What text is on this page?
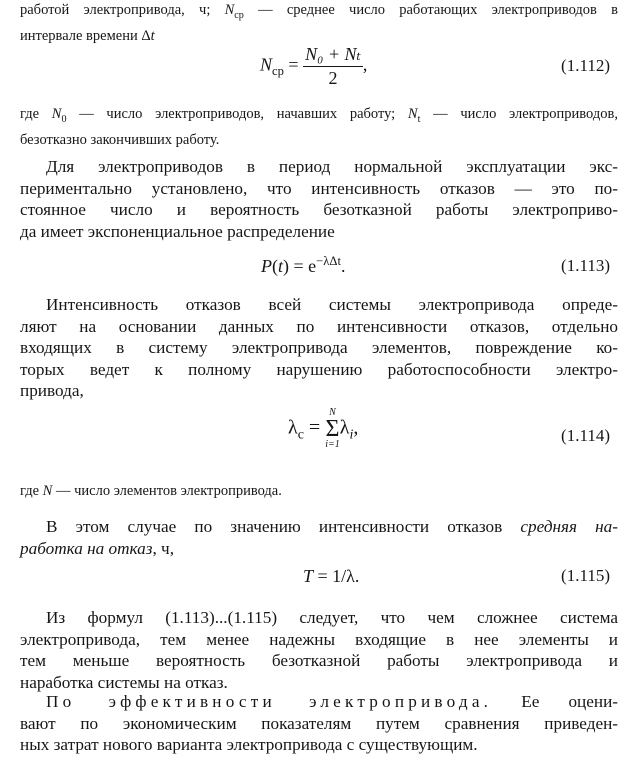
работой электропривода, ч; $N_{ср}$ — среднее число работающих электроприводов в
интервале времени Δt
$N_{ср} = \frac{\text{N₀ + Nₜ}}{2}$ ,	(1.112)
где $N_0$ — число электроприводов, начавших работу; $N_t$ — число электроприводов,
безотказно закончивших работу.
Для электроприводов в период нормальной эксплуатации экс-
периментально установлено, что интенсивность отказов — это по-
стоянное число и вероятность безотказной работы электроприво-
да имеет экспоненциальное распределение
$P(t) = e^{-\lambda\Delta t}$.	(1.113)
Интенсивность отказов всей системы электропривода опреде-
ляют на основании данных по интенсивности отказов, отдельно
входящих в систему электропривода элементов, повреждение ко-
торых ведет к полному нарушению работоспособности электро-
привода,
$\lambda_c$ =
N
Σ
i=1
$\lambda_i$,	(1.114)
где N — число элементов электропривода.
В этом случае по значению интенсивности отказов средняя на-
работка на отказ, ч,
T = 1/λ.	(1.115)
Из формул (1.113)...(1.115) следует, что чем сложнее система
электропривода, тем менее надежны входящие в нее элементы и
тем меньше вероятность безотказной работы электропривода и
наработка системы на отказ.
По эффективности электропривода. Ее оцени-
вают по экономическим показателям путем сравнения приведен-
ных затрат нового варианта электропривода с существующим.
